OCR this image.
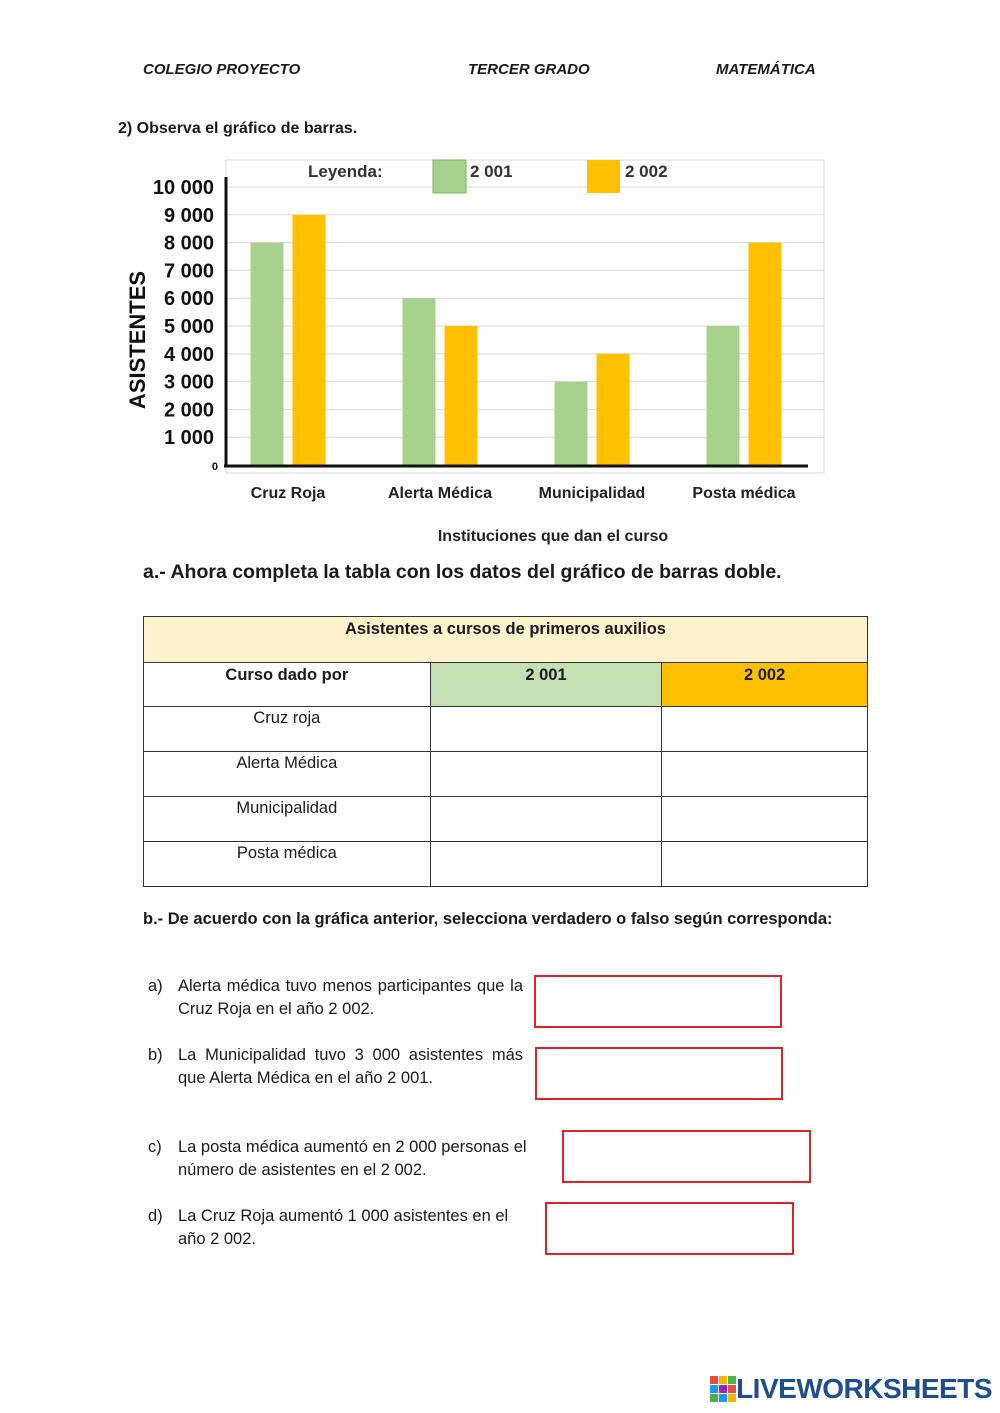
COLEGIO PROYECTO	TERCER GRADO	MATEMÁTICA
2) Observa el gráfico de barras.
1 000
2 000
3 000
4 000
5 000
6 000
7 000
8 000
9 000
10 000
0
Cruz Roja	Alerta Médica	Municipalidad	Posta médica
ASISTENTES
Instituciones que dan el curso
Leyenda:	2 001	2 002
a.- Ahora completa la tabla con los datos del gráfico de barras doble.
Asistentes a cursos de primeros auxilios		
Curso dado por	2 001	2 002
Cruz roja		
Alerta Médica		
Municipalidad		
Posta médica		
b.- De acuerdo con la gráfica anterior, selecciona verdadero o falso según corresponda:
a) Alerta médica tuvo menos participantes que la Cruz Roja en el año 2 002.
b) La Municipalidad tuvo 3 000 asistentes más que Alerta Médica en el año 2 001.
c) La posta médica aumentó en 2 000 personas el número de asistentes en el 2 002.
d) La Cruz Roja aumentó 1 000 asistentes en el año 2 002.
LIVEWORKSHEETS
